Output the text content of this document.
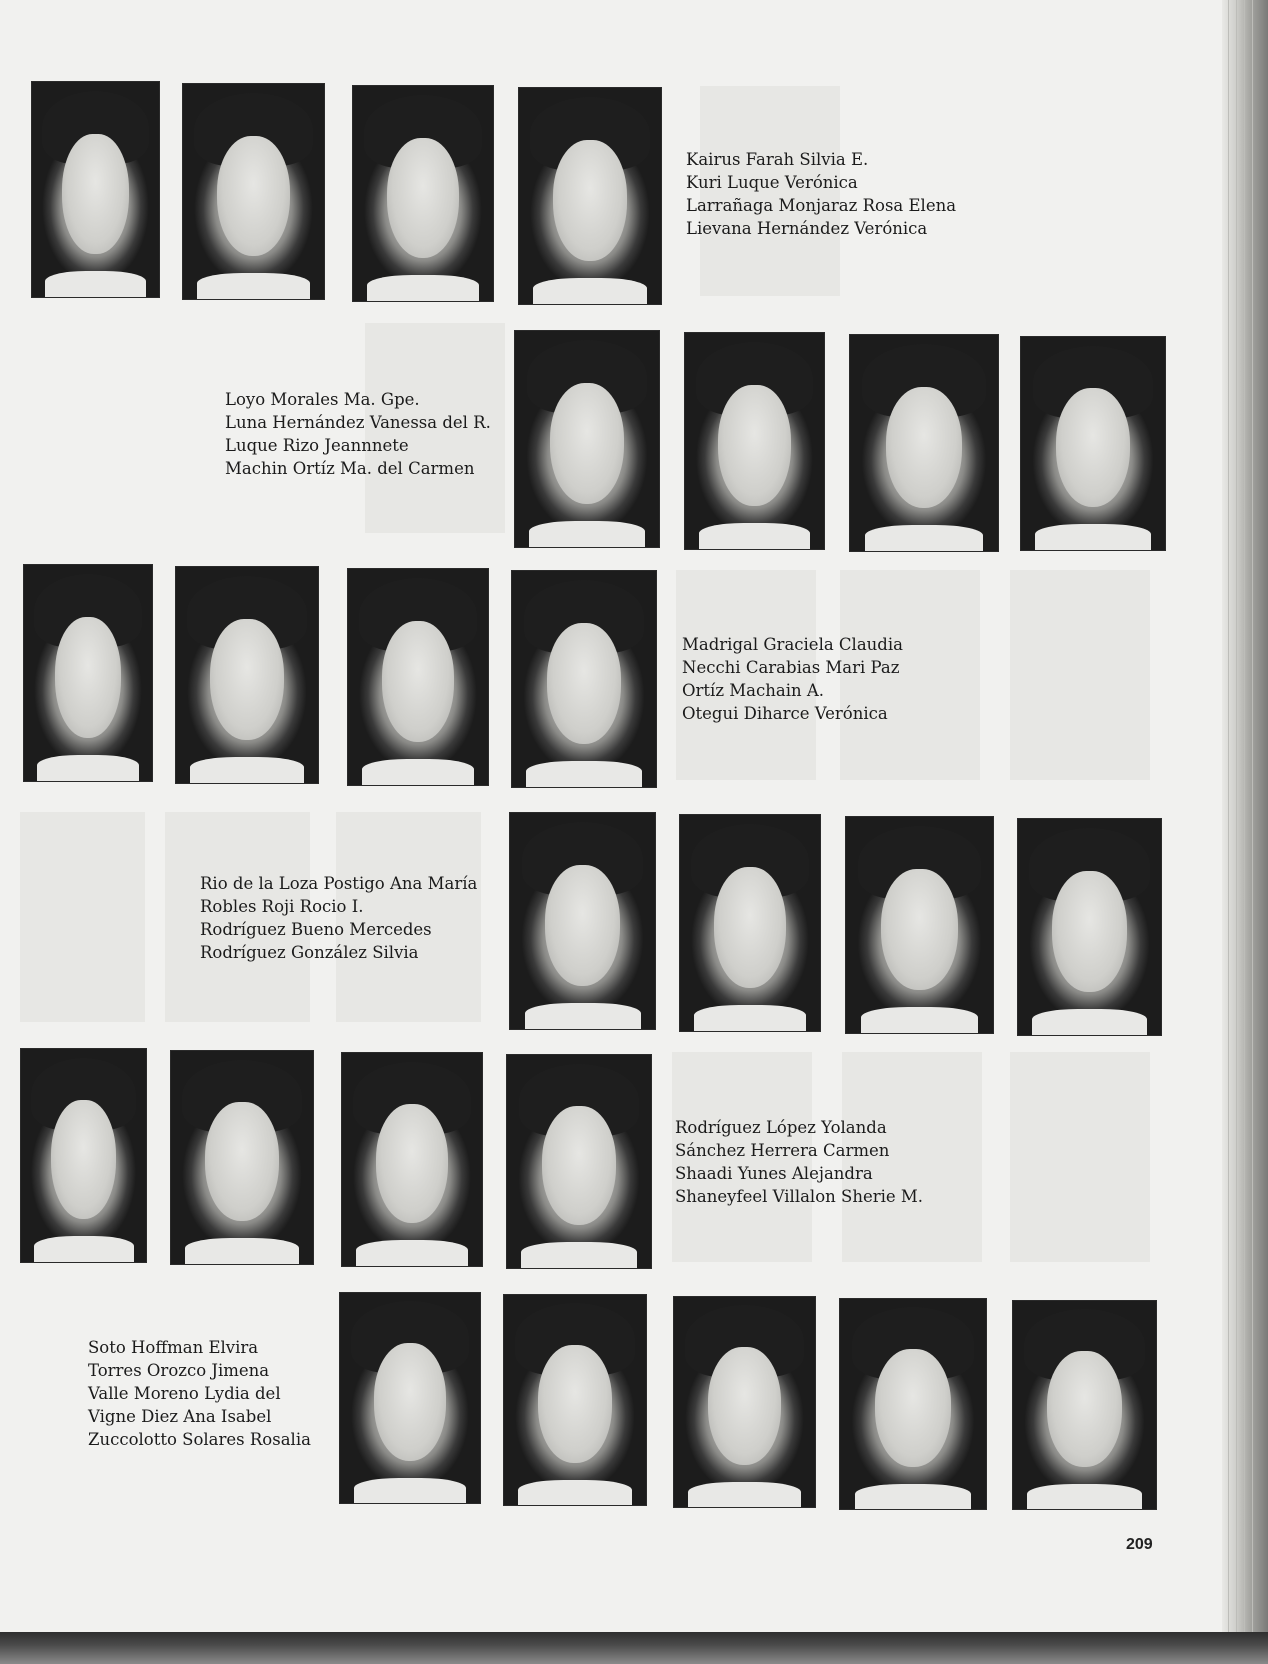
Kairus Farah Silvia E.
Kuri Luque Verónica
Larrañaga Monjaraz Rosa Elena
Lievana Hernández Verónica
Loyo Morales Ma. Gpe.
Luna Hernández Vanessa del R.
Luque Rizo Jeannnete
Machin Ortíz Ma. del Carmen
Madrigal Graciela Claudia
Necchi Carabias Mari Paz
Ortíz Machain A.
Otegui Diharce Verónica
Rio de la Loza Postigo Ana María
Robles Roji Rocio I.
Rodríguez Bueno Mercedes
Rodríguez González Silvia
Rodríguez López Yolanda
Sánchez Herrera Carmen
Shaadi Yunes Alejandra
Shaneyfeel Villalon Sherie M.
Soto Hoffman Elvira
Torres Orozco Jimena
Valle Moreno Lydia del
Vigne Diez Ana Isabel
Zuccolotto Solares Rosalia
209
